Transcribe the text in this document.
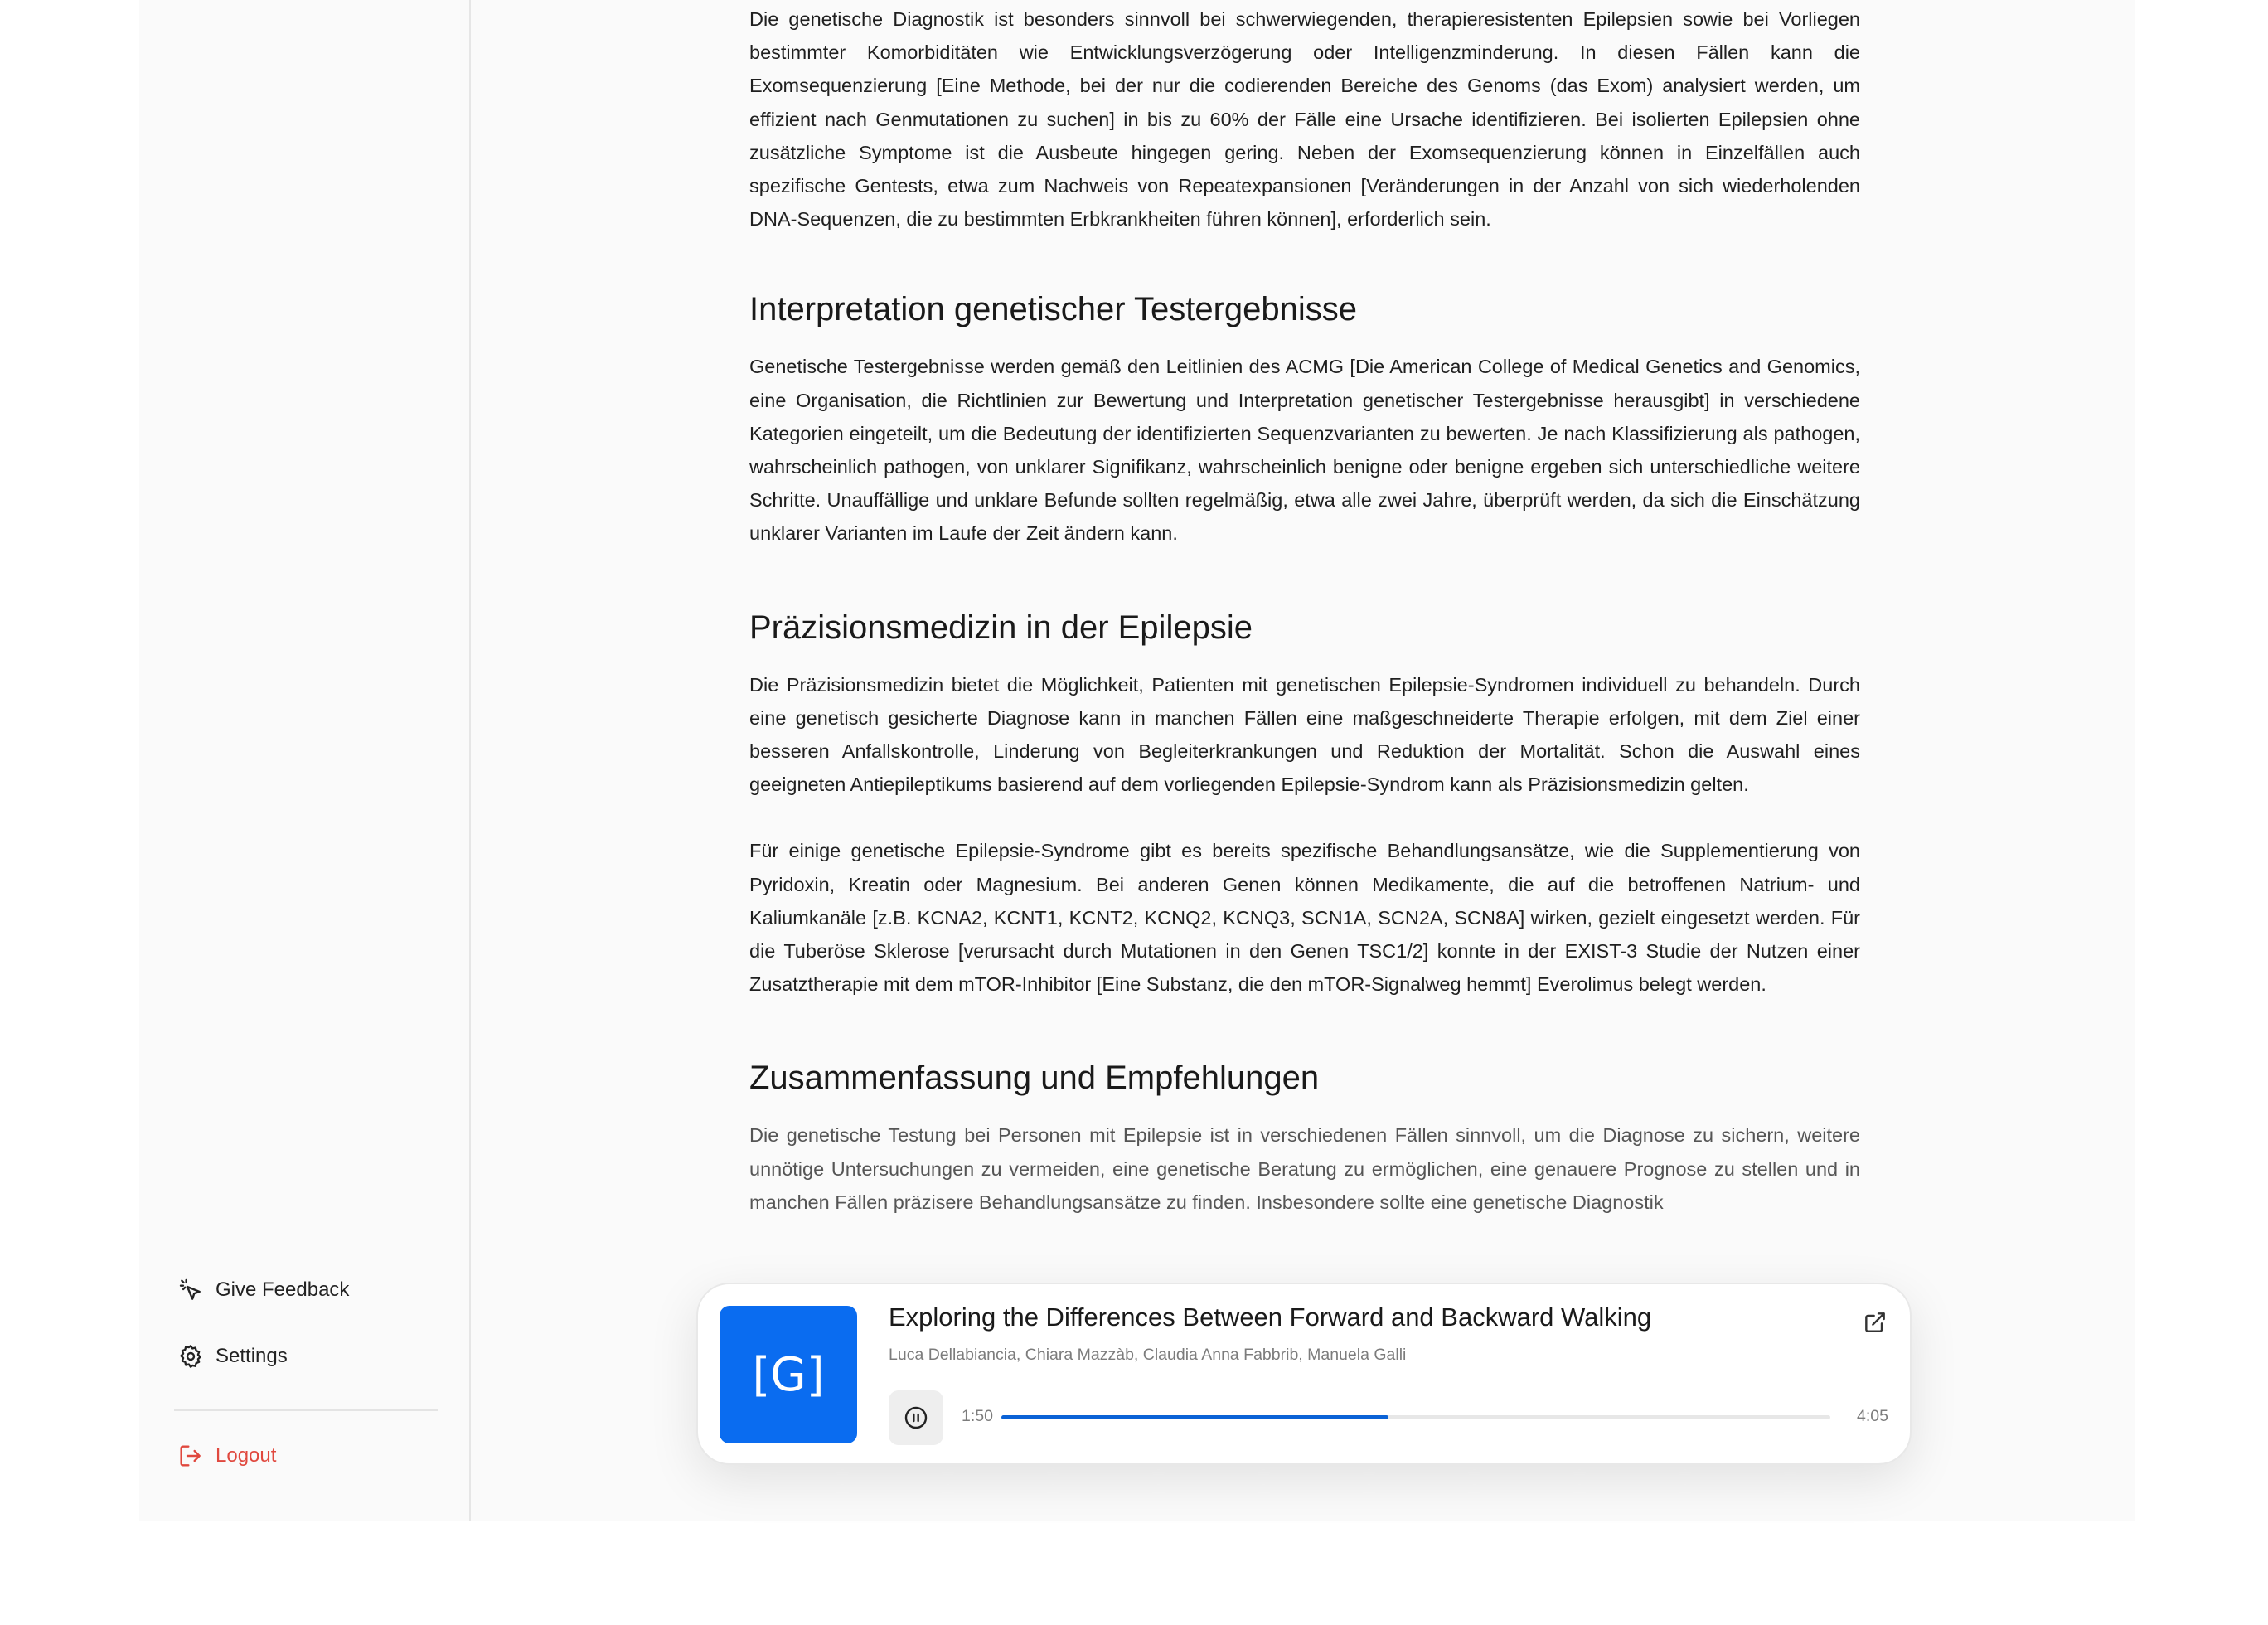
Give Feedback
Settings
Logout

Die genetische Diagnostik ist besonders sinnvoll bei schwerwiegenden, therapieresistenten Epilepsien sowie bei Vorliegen bestimmter Komorbiditäten wie Entwicklungsverzögerung oder Intelligenzminderung. In diesen Fällen kann die Exomsequenzierung [Eine Methode, bei der nur die codierenden Bereiche des Genoms (das Exom) analysiert werden, um effizient nach Genmutationen zu suchen] in bis zu 60% der Fälle eine Ursache identifizieren. Bei isolierten Epilepsien ohne zusätzliche Symptome ist die Ausbeute hingegen gering. Neben der Exomsequenzierung können in Einzelfällen auch spezifische Gentests, etwa zum Nachweis von Repeatexpansionen [Veränderungen in der Anzahl von sich wiederholenden DNA-Sequenzen, die zu bestimmten Erbkrankheiten führen können], erforderlich sein.

Interpretation genetischer Testergebnisse

Genetische Testergebnisse werden gemäß den Leitlinien des ACMG [Die American College of Medical Genetics and Genomics, eine Organisation, die Richtlinien zur Bewertung und Interpretation genetischer Testergebnisse herausgibt] in verschiedene Kategorien eingeteilt, um die Bedeutung der identifizierten Sequenzvarianten zu bewerten. Je nach Klassifizierung als pathogen, wahrscheinlich pathogen, von unklarer Signifikanz, wahrscheinlich benigne oder benigne ergeben sich unterschiedliche weitere Schritte. Unauffällige und unklare Befunde sollten regelmäßig, etwa alle zwei Jahre, überprüft werden, da sich die Einschätzung unklarer Varianten im Laufe der Zeit ändern kann.

Präzisionsmedizin in der Epilepsie

Die Präzisionsmedizin bietet die Möglichkeit, Patienten mit genetischen Epilepsie-Syndromen individuell zu behandeln. Durch eine genetisch gesicherte Diagnose kann in manchen Fällen eine maßgeschneiderte Therapie erfolgen, mit dem Ziel einer besseren Anfallskontrolle, Linderung von Begleiterkrankungen und Reduktion der Mortalität. Schon die Auswahl eines geeigneten Antiepileptikums basierend auf dem vorliegenden Epilepsie-Syndrom kann als Präzisionsmedizin gelten.

Für einige genetische Epilepsie-Syndrome gibt es bereits spezifische Behandlungsansätze, wie die Supplementierung von Pyridoxin, Kreatin oder Magnesium. Bei anderen Genen können Medikamente, die auf die betroffenen Natrium- und Kaliumkanäle [z.B. KCNA2, KCNT1, KCNT2, KCNQ2, KCNQ3, SCN1A, SCN2A, SCN8A] wirken, gezielt eingesetzt werden. Für die Tuberöse Sklerose [verursacht durch Mutationen in den Genen TSC1/2] konnte in der EXIST-3 Studie der Nutzen einer Zusatztherapie mit dem mTOR-Inhibitor [Eine Substanz, die den mTOR-Signalweg hemmt] Everolimus belegt werden.

Zusammenfassung und Empfehlungen

Die genetische Testung bei Personen mit Epilepsie ist in verschiedenen Fällen sinnvoll, um die Diagnose zu sichern, weitere unnötige Untersuchungen zu vermeiden, eine genetische Beratung zu ermöglichen, eine genauere Prognose zu stellen und in manchen Fällen präzisere Behandlungsansätze zu finden. Insbesondere sollte eine genetische Diagnostik

[G]
Exploring the Differences Between Forward and Backward Walking
Luca Dellabiancia, Chiara Mazzàb, Claudia Anna Fabbrib, Manuela Galli
1:50	4:05
